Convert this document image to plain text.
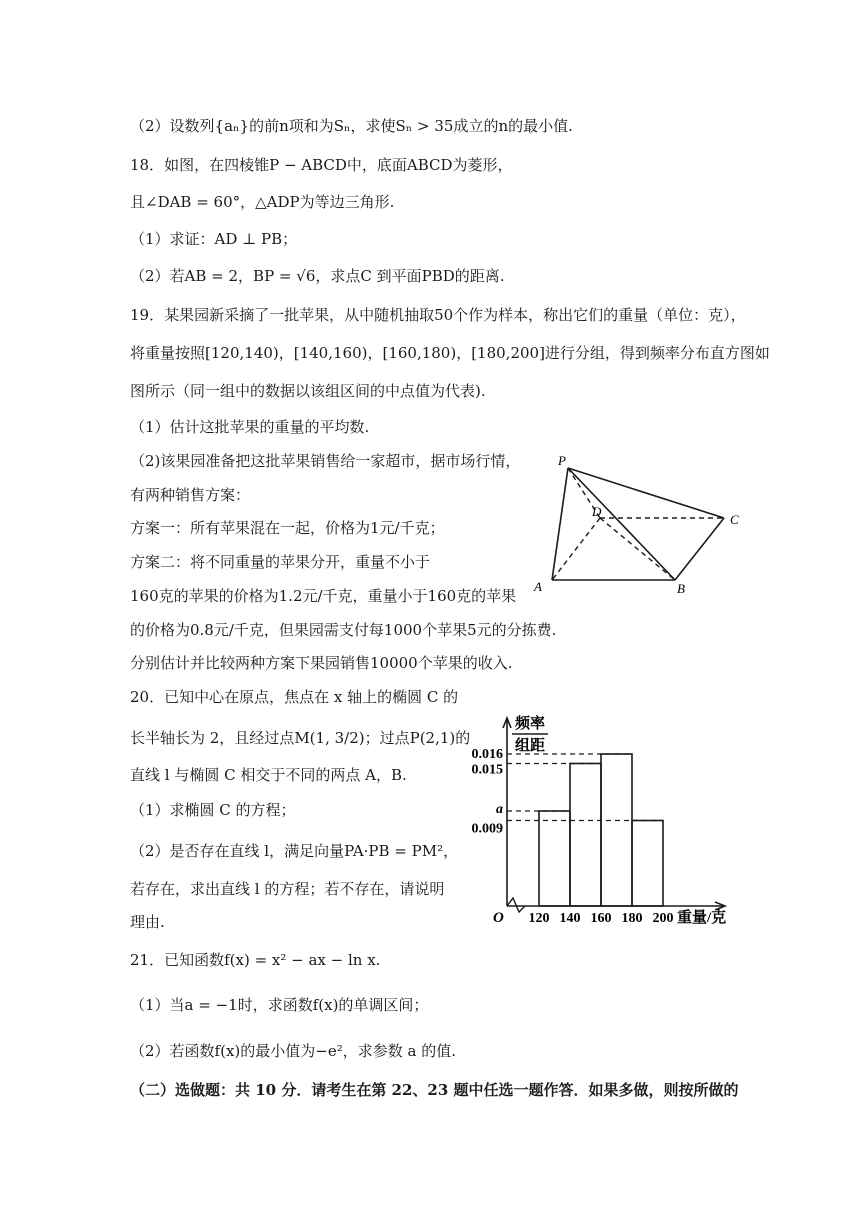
（2）设数列{aₙ}的前n项和为Sₙ，求使Sₙ > 35成立的n的最小值.
18．如图，在四棱锥P − ABCD中，底面ABCD为菱形，
且∠DAB = 60°，△ADP为等边三角形.
（1）求证：AD ⊥ PB；
（2）若AB = 2，BP = √6，求点C 到平面PBD的距离.
19．某果园新采摘了一批苹果，从中随机抽取50个作为样本，称出它们的重量（单位：克），
将重量按照[120,140)，[140,160)，[160,180)，[180,200]进行分组，得到频率分布直方图如
图所示（同一组中的数据以该组区间的中点值为代表).
（1）估计这批苹果的重量的平均数.
（2)该果园准备把这批苹果销售给一家超市，据市场行情，
有两种销售方案：
方案一：所有苹果混在一起，价格为1元/千克；
方案二：将不同重量的苹果分开，重量不小于
160克的苹果的价格为1.2元/千克，重量小于160克的苹果
的价格为0.8元/千克，但果园需支付每1000个苹果5元的分拣费.
分别估计并比较两种方案下果园销售10000个苹果的收入.
20．已知中心在原点，焦点在 x 轴上的椭圆 C 的
长半轴长为 2，且经过点M(1, 3/2)；过点P(2,1)的
直线 l 与椭圆 C 相交于不同的两点 A，B.
（1）求椭圆 C 的方程；
（2）是否存在直线 l，满足向量PA·PB = PM²，
若存在，求出直线 l 的方程；若不存在，请说明
理由.
21．已知函数f(x) = x² − ax − ln x.
（1）当a = −1时，求函数f(x)的单调区间；
（2）若函数f(x)的最小值为−e²，求参数 a 的值.
（二）选做题：共 10 分．请考生在第 22、23 题中任选一题作答．如果多做，则按所做的
P
D
C
A	B
0.016
0.015
a
0.009
120 140 160 180 200
O	重量/克
频率
组距
